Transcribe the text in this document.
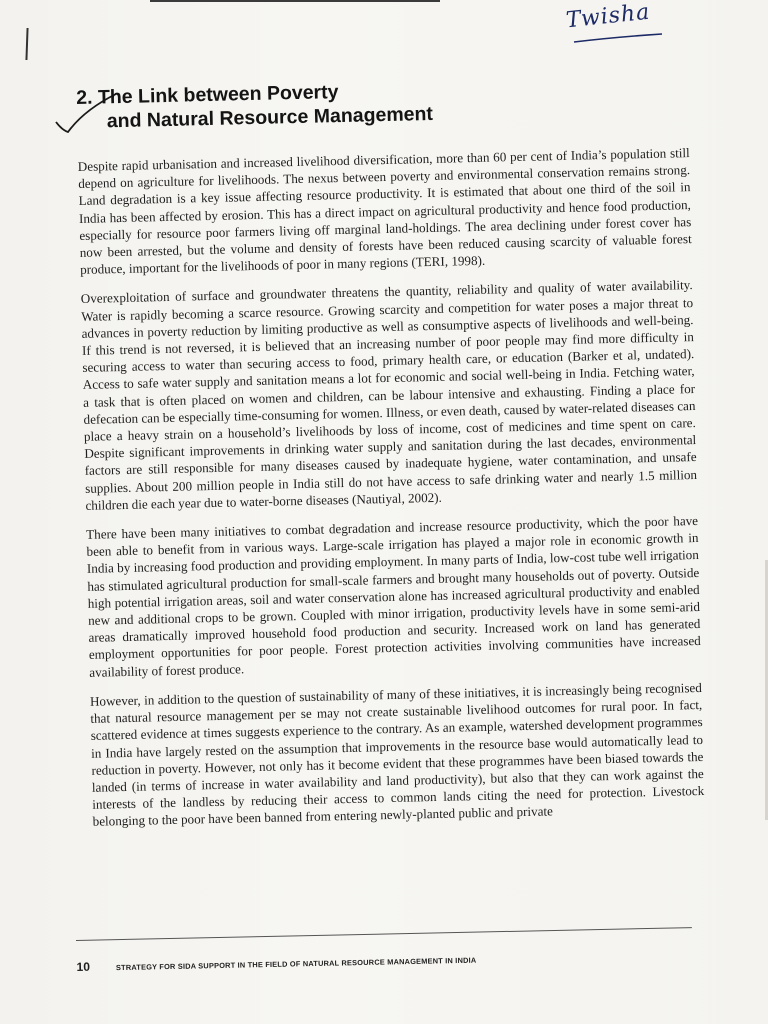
Twisha
2. The Link between Poverty
and Natural Resource Management

Despite rapid urbanisation and increased livelihood diversification, more than 60 per cent of India’s population still depend on agriculture for livelihoods. The nexus between poverty and environmental conservation remains strong. Land degradation is a key issue affecting resource productivity. It is estimated that about one third of the soil in India has been affected by erosion. This has a direct impact on agricultural productivity and hence food production, especially for resource poor farmers living off marginal land-holdings. The area declining under forest cover has now been arrested, but the volume and density of forests have been reduced causing scarcity of valuable forest produce, important for the livelihoods of poor in many regions (TERI, 1998).

Overexploitation of surface and groundwater threatens the quantity, reliability and quality of water availability. Water is rapidly becoming a scarce resource. Growing scarcity and competition for water poses a major threat to advances in poverty reduction by limiting productive as well as consumptive aspects of livelihoods and well-being. If this trend is not reversed, it is believed that an increasing number of poor people may find more difficulty in securing access to water than securing access to food, primary health care, or education (Barker et al, undated). Access to safe water supply and sanitation means a lot for economic and social well-being in India. Fetching water, a task that is often placed on women and children, can be labour intensive and exhausting. Finding a place for defecation can be especially time-consuming for women. Illness, or even death, caused by water-related diseases can place a heavy strain on a household’s livelihoods by loss of income, cost of medicines and time spent on care. Despite significant improvements in drinking water supply and sanitation during the last decades, environmental factors are still responsible for many diseases caused by inadequate hygiene, water contamination, and unsafe supplies. About 200 million people in India still do not have access to safe drinking water and nearly 1.5 million children die each year due to water-borne diseases (Nautiyal, 2002).

There have been many initiatives to combat degradation and increase resource productivity, which the poor have been able to benefit from in various ways. Large-scale irrigation has played a major role in economic growth in India by increasing food production and providing employment. In many parts of India, low-cost tube well irrigation has stimulated agricultural production for small-scale farmers and brought many households out of poverty. Outside high potential irrigation areas, soil and water conservation alone has increased agricultural productivity and enabled new and additional crops to be grown. Coupled with minor irrigation, productivity levels have in some semi-arid areas dramatically improved household food production and security. Increased work on land has generated employment opportunities for poor people. Forest protection activities involving communities have increased availability of forest produce.

However, in addition to the question of sustainability of many of these initiatives, it is increasingly being recognised that natural resource management per se may not create sustainable livelihood outcomes for rural poor. In fact, scattered evidence at times suggests experience to the contrary. As an example, watershed development programmes in India have largely rested on the assumption that improvements in the resource base would automatically lead to reduction in poverty. However, not only has it become evident that these programmes have been biased towards the landed (in terms of increase in water availability and land productivity), but also that they can work against the interests of the landless by reducing their access to common lands citing the need for protection. Livestock belonging to the poor have been banned from entering newly-planted public and private

10	STRATEGY FOR SIDA SUPPORT IN THE FIELD OF NATURAL RESOURCE MANAGEMENT IN INDIA
